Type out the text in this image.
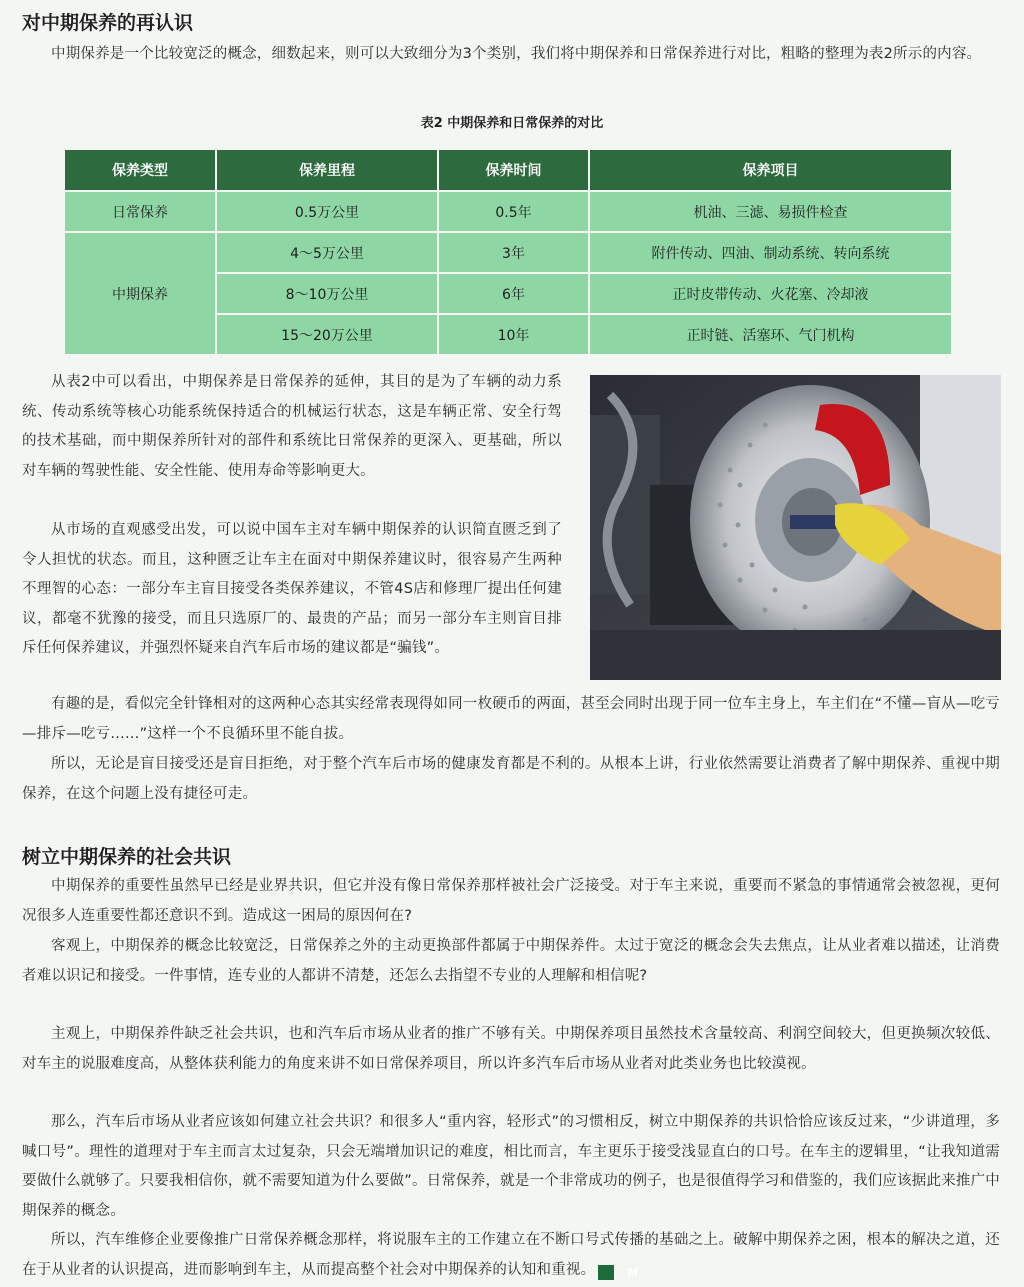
对中期保养的再认识

中期保养是一个比较宽泛的概念，细数起来，则可以大致细分为3个类别，我们将中期保养和日常保养进行对比，粗略的整理为表2所示的内容。

表2 中期保养和日常保养的对比
保养类型	保养里程	保养时间	保养项目
日常保养	0.5万公里	0.5年	机油、三滤、易损件检查
中期保养	4～5万公里	3年	附件传动、四油、制动系统、转向系统
	8～10万公里	6年	正时皮带传动、火花塞、冷却液
	15～20万公里	10年	正时链、活塞环、气门机构

从表2中可以看出，中期保养是日常保养的延伸，其目的是为了车辆的动力系统、传动系统等核心功能系统保持适合的机械运行状态，这是车辆正常、安全行驾的技术基础，而中期保养所针对的部件和系统比日常保养的更深入、更基础，所以对车辆的驾驶性能、安全性能、使用寿命等影响更大。

从市场的直观感受出发，可以说中国车主对车辆中期保养的认识简直匮乏到了令人担忧的状态。而且，这种匮乏让车主在面对中期保养建议时，很容易产生两种不理智的心态：一部分车主盲目接受各类保养建议，不管4S店和修理厂提出任何建议，都毫不犹豫的接受，而且只选原厂的、最贵的产品；而另一部分车主则盲目排斥任何保养建议，并强烈怀疑来自汽车后市场的建议都是“骗钱”。

有趣的是，看似完全针锋相对的这两种心态其实经常表现得如同一枚硬币的两面，甚至会同时出现于同一位车主身上，车主们在“不懂—盲从—吃亏—排斥—吃亏……”这样一个不良循环里不能自拔。

所以，无论是盲目接受还是盲目拒绝，对于整个汽车后市场的健康发育都是不利的。从根本上讲，行业依然需要让消费者了解中期保养、重视中期保养，在这个问题上没有捷径可走。

树立中期保养的社会共识

中期保养的重要性虽然早已经是业界共识，但它并没有像日常保养那样被社会广泛接受。对于车主来说，重要而不紧急的事情通常会被忽视，更何况很多人连重要性都还意识不到。造成这一困局的原因何在?

客观上，中期保养的概念比较宽泛，日常保养之外的主动更换部件都属于中期保养件。太过于宽泛的概念会失去焦点，让从业者难以描述，让消费者难以识记和接受。一件事情，连专业的人都讲不清楚，还怎么去指望不专业的人理解和相信呢?

主观上，中期保养件缺乏社会共识，也和汽车后市场从业者的推广不够有关。中期保养项目虽然技术含量较高、利润空间较大，但更换频次较低、对车主的说服难度高，从整体获利能力的角度来讲不如日常保养项目，所以许多汽车后市场从业者对此类业务也比较漠视。

那么，汽车后市场从业者应该如何建立社会共识？和很多人“重内容，轻形式”的习惯相反，树立中期保养的共识恰恰应该反过来，“少讲道理，多喊口号”。理性的道理对于车主而言太过复杂，只会无端增加识记的难度，相比而言，车主更乐于接受浅显直白的口号。在车主的逻辑里，“让我知道需要做什么就够了。只要我相信你，就不需要知道为什么要做”。日常保养，就是一个非常成功的例子，也是很值得学习和借鉴的，我们应该据此来推广中期保养的概念。

所以，汽车维修企业要像推广日常保养概念那样，将说服车主的工作建立在不断口号式传播的基础之上。破解中期保养之困，根本的解决之道，还在于从业者的认识提高，进而影响到车主，从而提高整个社会对中期保养的认知和重视。	M
